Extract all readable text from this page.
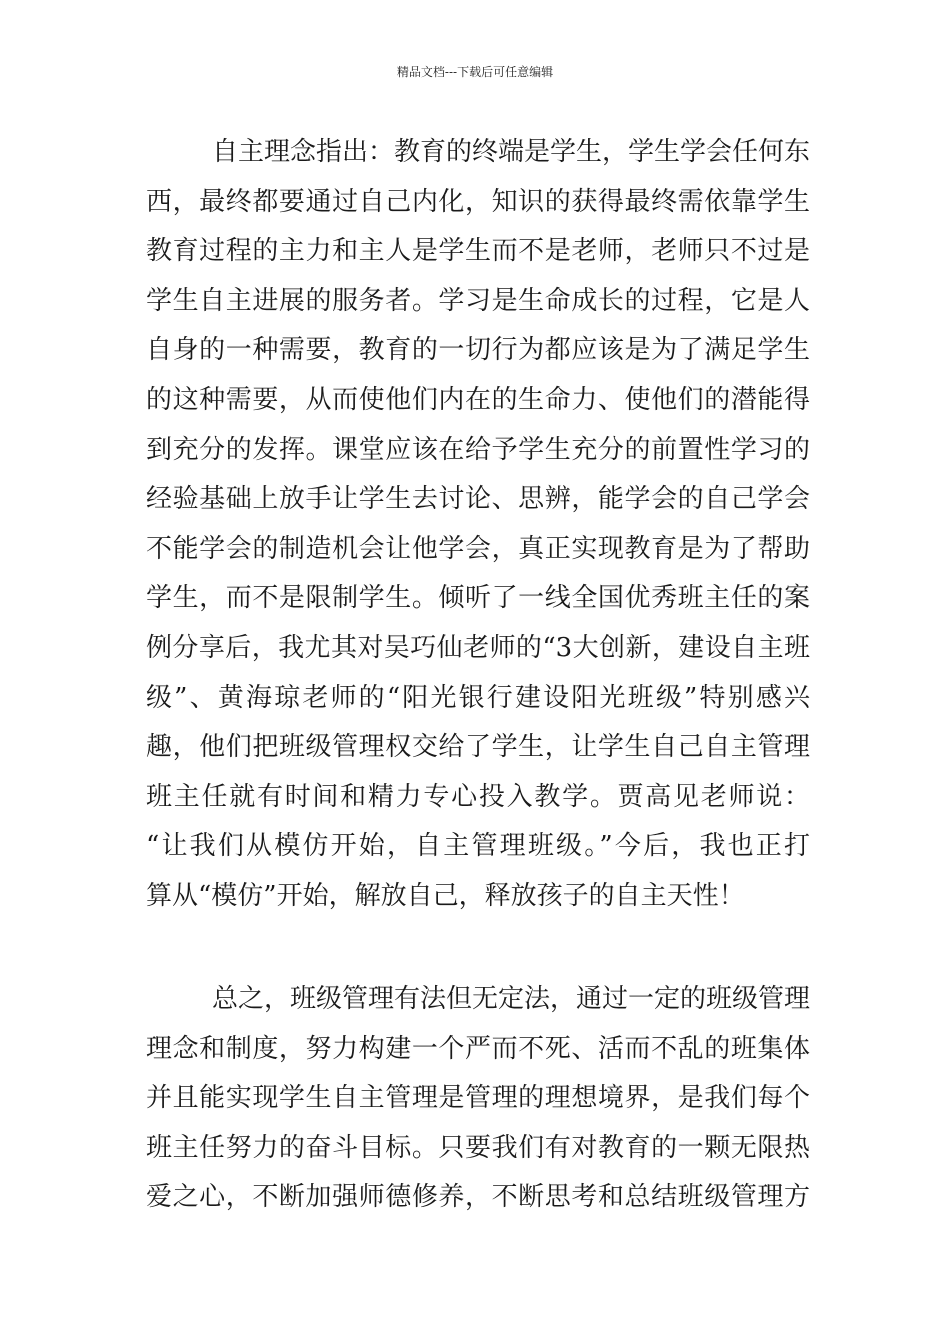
精品文档---下载后可任意编辑
自主理念指出：教育的终端是学生，学生学会任何东
西，最终都要通过自己内化，知识的获得最终需依靠学生
教育过程的主力和主人是学生而不是老师，老师只不过是
学生自主进展的服务者。学习是生命成长的过程，它是人
自身的一种需要，教育的一切行为都应该是为了满足学生
的这种需要，从而使他们内在的生命力、使他们的潜能得
到充分的发挥。课堂应该在给予学生充分的前置性学习的
经验基础上放手让学生去讨论、思辨，能学会的自己学会
不能学会的制造机会让他学会，真正实现教育是为了帮助
学生，而不是限制学生。倾听了一线全国优秀班主任的案
例分享后，我尤其对吴巧仙老师的“3大创新，建设自主班
级”、黄海琼老师的“阳光银行建设阳光班级”特别感兴
趣，他们把班级管理权交给了学生，让学生自己自主管理
班主任就有时间和精力专心投入教学。贾高见老师说：
“让我们从模仿开始，自主管理班级。”今后，我也正打
算从“模仿”开始，解放自己，释放孩子的自主天性！
总之，班级管理有法但无定法，通过一定的班级管理
理念和制度，努力构建一个严而不死、活而不乱的班集体
并且能实现学生自主管理是管理的理想境界，是我们每个
班主任努力的奋斗目标。只要我们有对教育的一颗无限热
爱之心，不断加强师德修养，不断思考和总结班级管理方
